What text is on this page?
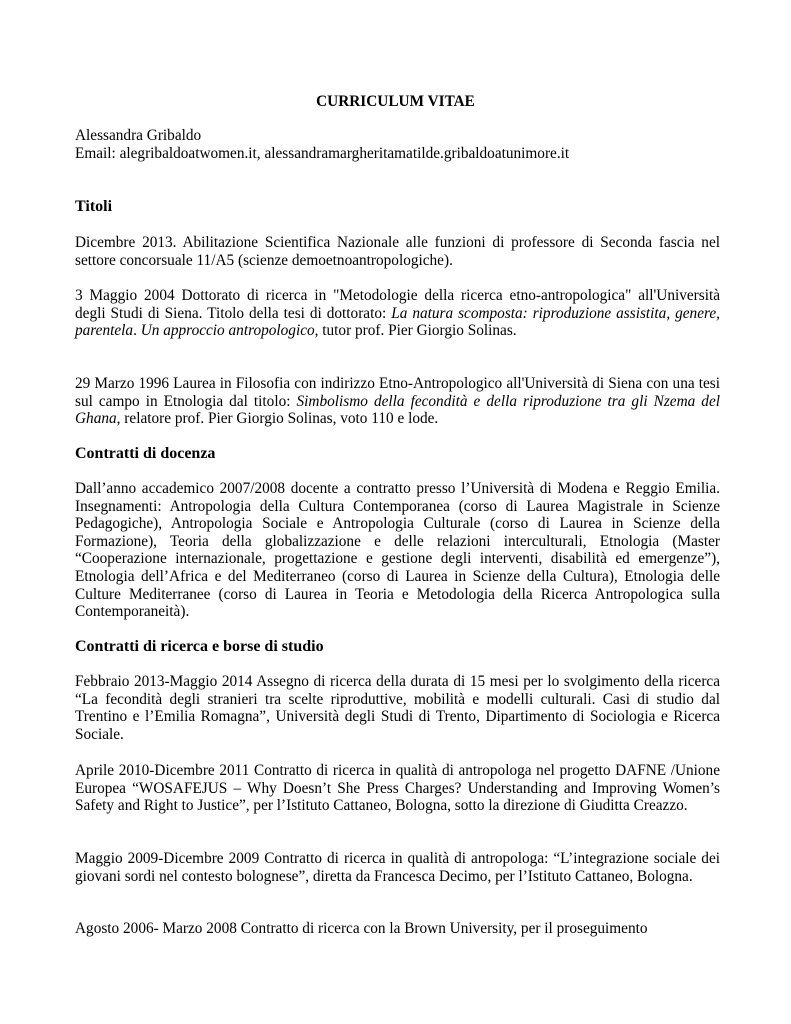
CURRICULUM VITAE

Alessandra Gribaldo

Email: alegribaldoatwomen.it, alessandramargheritamatilde.gribaldoatunimore.it

Titoli

Dicembre 2013. Abilitazione Scientifica Nazionale alle funzioni di professore di Seconda fascia nel settore concorsuale 11/A5 (scienze demoetnoantropologiche).

3 Maggio 2004 Dottorato di ricerca in "Metodologie della ricerca etno-antropologica" all'Università degli Studi di Siena. Titolo della tesi di dottorato: La natura scomposta: riproduzione assistita, genere, parentela. Un approccio antropologico, tutor prof. Pier Giorgio Solinas.

29 Marzo 1996 Laurea in Filosofia con indirizzo Etno-Antropologico all'Università di Siena con una tesi sul campo in Etnologia dal titolo: Simbolismo della fecondità e della riproduzione tra gli Nzema del Ghana, relatore prof. Pier Giorgio Solinas, voto 110 e lode.

Contratti di docenza

Dall’anno accademico 2007/2008 docente a contratto presso l’Università di Modena e Reggio Emilia. Insegnamenti: Antropologia della Cultura Contemporanea (corso di Laurea Magistrale in Scienze Pedagogiche), Antropologia Sociale e Antropologia Culturale (corso di Laurea in Scienze della Formazione), Teoria della globalizzazione e delle relazioni interculturali, Etnologia (Master “Cooperazione internazionale, progettazione e gestione degli interventi, disabilità ed emergenze”), Etnologia dell’Africa e del Mediterraneo (corso di Laurea in Scienze della Cultura), Etnologia delle Culture Mediterranee (corso di Laurea in Teoria e Metodologia della Ricerca Antropologica sulla Contemporaneità).

Contratti di ricerca e borse di studio

Febbraio 2013-Maggio 2014 Assegno di ricerca della durata di 15 mesi per lo svolgimento della ricerca “La fecondità degli stranieri tra scelte riproduttive, mobilità e modelli culturali. Casi di studio dal Trentino e l’Emilia Romagna”, Università degli Studi di Trento, Dipartimento di Sociologia e Ricerca Sociale.

Aprile 2010-Dicembre 2011 Contratto di ricerca in qualità di antropologa nel progetto DAFNE /Unione Europea “WOSAFEJUS – Why Doesn’t She Press Charges? Understanding and Improving Women’s Safety and Right to Justice”, per l’Istituto Cattaneo, Bologna, sotto la direzione di Giuditta Creazzo.

Maggio 2009-Dicembre 2009 Contratto di ricerca in qualità di antropologa: “L’integrazione sociale dei giovani sordi nel contesto bolognese”, diretta da Francesca Decimo, per l’Istituto Cattaneo, Bologna.

Agosto 2006- Marzo 2008 Contratto di ricerca con la Brown University, per il proseguimento
